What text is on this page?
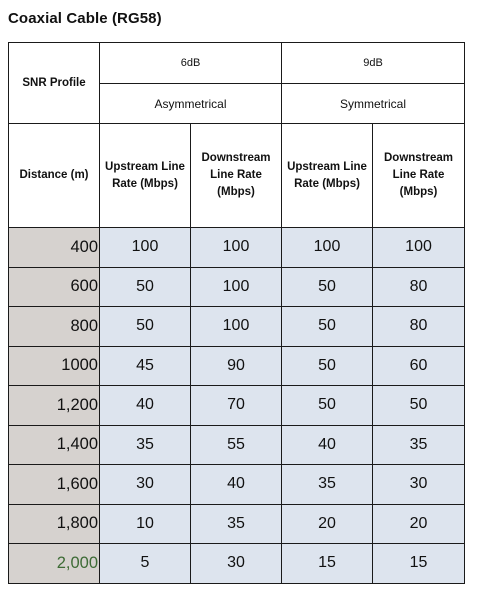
Coaxial Cable (RG58)
SNR Profile	6dB		9dB	
	Asymmetrical		Symmetrical	
Distance (m)	Upstream Line Rate (Mbps)	Downstream Line Rate (Mbps)	Upstream Line Rate (Mbps)	Downstream Line Rate (Mbps)
400	100	100	100	100
600	50	100	50	80
800	50	100	50	80
1000	45	90	50	60
1,200	40	70	50	50
1,400	35	55	40	35
1,600	30	40	35	30
1,800	10	35	20	20
2,000	5	30	15	15
